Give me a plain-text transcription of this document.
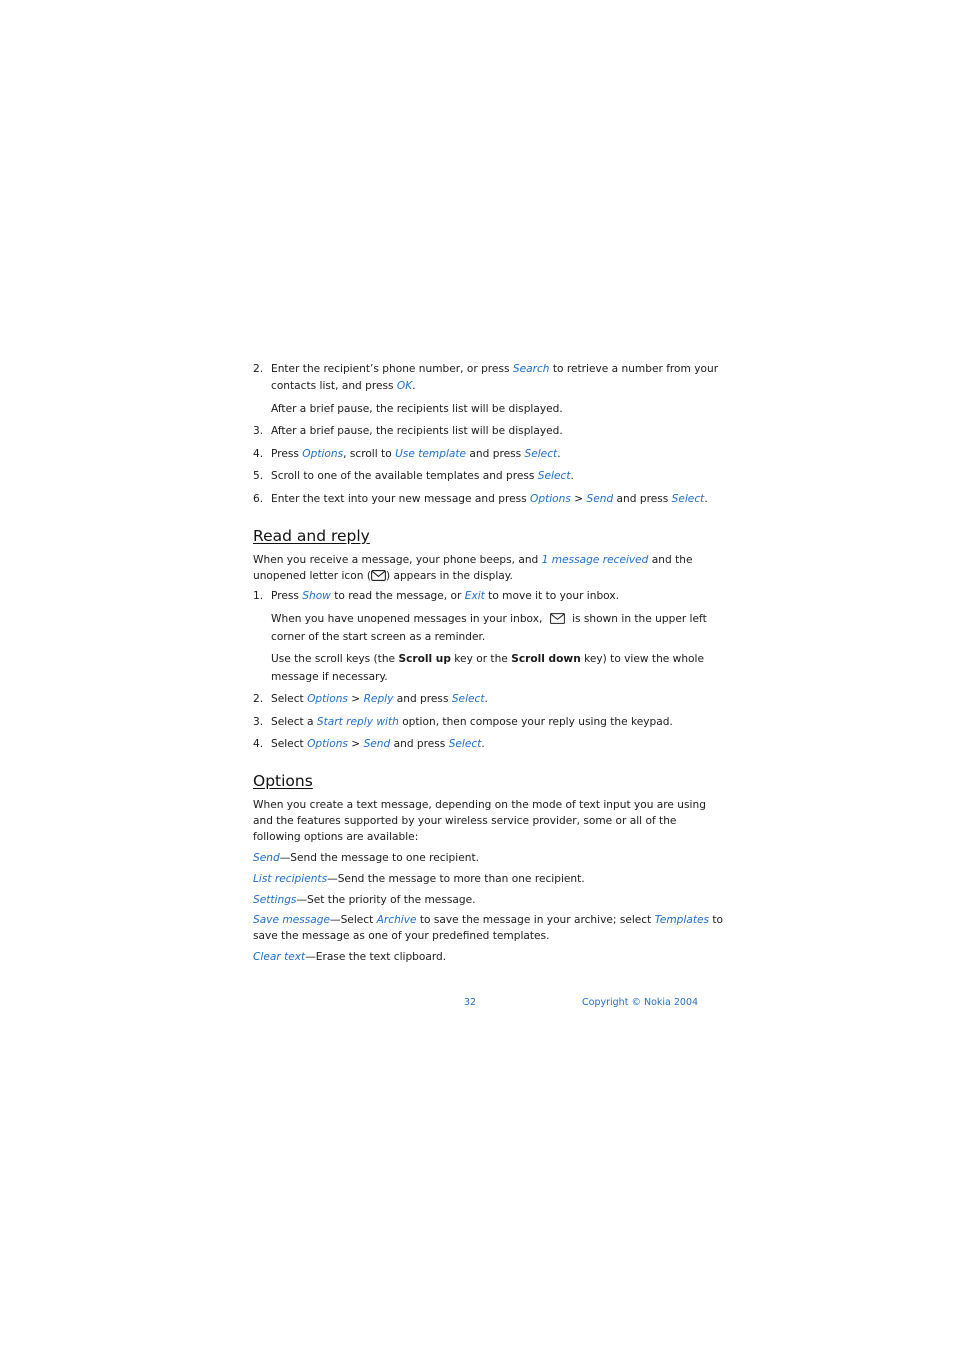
2. Enter the recipient’s phone number, or press Search to retrieve a number from your
contacts list, and press OK.
After a brief pause, the recipients list will be displayed.
3. After a brief pause, the recipients list will be displayed.
4. Press Options, scroll to Use template and press Select.
5. Scroll to one of the available templates and press Select.
6. Enter the text into your new message and press Options > Send and press Select.
Read and reply
When you receive a message, your phone beeps, and 1 message received and the
unopened letter icon ( ) appears in the display.
1. Press Show to read the message, or Exit to move it to your inbox.
When you have unopened messages in your inbox,  is shown in the upper left
corner of the start screen as a reminder.
Use the scroll keys (the Scroll up key or the Scroll down key) to view the whole
message if necessary.
2. Select Options > Reply and press Select.
3. Select a Start reply with option, then compose your reply using the keypad.
4. Select Options > Send and press Select.
Options
When you create a text message, depending on the mode of text input you are using
and the features supported by your wireless service provider, some or all of the
following options are available:
Send—Send the message to one recipient.
List recipients—Send the message to more than one recipient.
Settings—Set the priority of the message.
Save message—Select Archive to save the message in your archive; select Templates to
save the message as one of your predefined templates.
Clear text—Erase the text clipboard.
32	Copyright © Nokia 2004
